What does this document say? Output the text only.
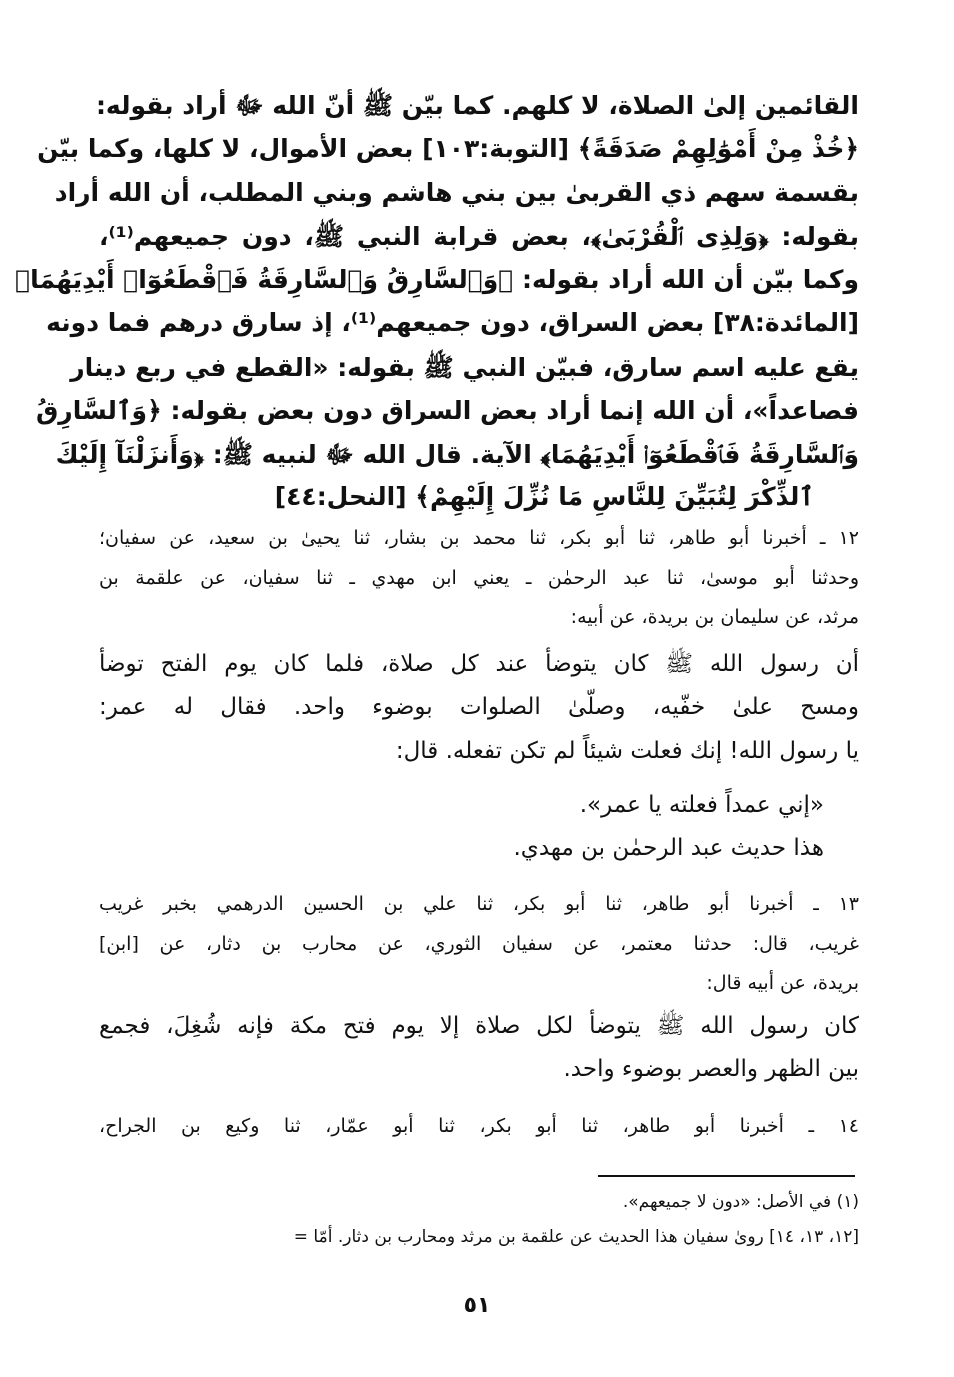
القائمين إلىٰ الصلاة، لا كلهم. كما بيّن ﷺ أنّ الله ﷻ أراد بقوله:
﴿خُذْ مِنْ أَمْوَٰلِهِمْ صَدَقَةً﴾ [التوبة:١٠٣] بعض الأموال، لا كلها، وكما بيّن
بقسمة سهم ذي القربىٰ بين بني هاشم وبني المطلب، أن الله أراد
بقوله: ﴿وَلِذِى ٱلْقُرْبَىٰ﴾، بعض قرابة النبي ﷺ، دون جميعهم⁽¹⁾،
وكما بيّن أن الله أراد بقوله: ﴿وَٱلسَّارِقُ وَٱلسَّارِقَةُ فَٱقْطَعُوٓا۟ أَيْدِيَهُمَا﴾
[المائدة:٣٨] بعض السراق، دون جميعهم⁽¹⁾، إذ سارق درهم فما دونه
يقع عليه اسم سارق، فبيّن النبي ﷺ بقوله: «القطع في ربع دينار
فصاعداً»، أن الله إنما أراد بعض السراق دون بعض بقوله: ﴿وَٱلسَّارِقُ
وَٱلسَّارِقَةُ فَٱقْطَعُوٓا۟ أَيْدِيَهُمَا﴾ الآية. قال الله ﷻ لنبيه ﷺ: ﴿وَأَنزَلْنَآ إِلَيْكَ
ٱلذِّكْرَ لِتُبَيِّنَ لِلنَّاسِ مَا نُزِّلَ إِلَيْهِمْ﴾ [النحل:٤٤]
١٢ ـ أخبرنا أبو طاهر، ثنا أبو بكر، ثنا محمد بن بشار، ثنا يحيىٰ بن سعيد، عن سفيان؛
وحدثنا أبو موسىٰ، ثنا عبد الرحمٰن ـ يعني ابن مهدي ـ ثنا سفيان، عن علقمة بن
مرثد، عن سليمان بن بريدة، عن أبيه:
أن رسول الله ﷺ كان يتوضأ عند كل صلاة، فلما كان يوم الفتح توضأ
ومسح علىٰ خفّيه، وصلّىٰ الصلوات بوضوء واحد. فقال له عمر:
يا رسول الله! إنك فعلت شيئاً لم تكن تفعله. قال:
«إني عمداً فعلته يا عمر».
هذا حديث عبد الرحمٰن بن مهدي.
١٣ ـ أخبرنا أبو طاهر، ثنا أبو بكر، ثنا علي بن الحسين الدرهمي بخبر غريب
غريب، قال: حدثنا معتمر، عن سفيان الثوري، عن محارب بن دثار، عن [ابن]
بريدة، عن أبيه قال:
كان رسول الله ﷺ يتوضأ لكل صلاة إلا يوم فتح مكة فإنه شُغِلَ، فجمع
بين الظهر والعصر بوضوء واحد.
١٤ ـ أخبرنا أبو طاهر، ثنا أبو بكر، ثنا أبو عمّار، ثنا وكيع بن الجراح،
(١) في الأصل: «دون لا جميعهم».
[١٢، ١٣، ١٤] روىٰ سفيان هذا الحديث عن علقمة بن مرثد ومحارب بن دثار. أمّا =
٥١
